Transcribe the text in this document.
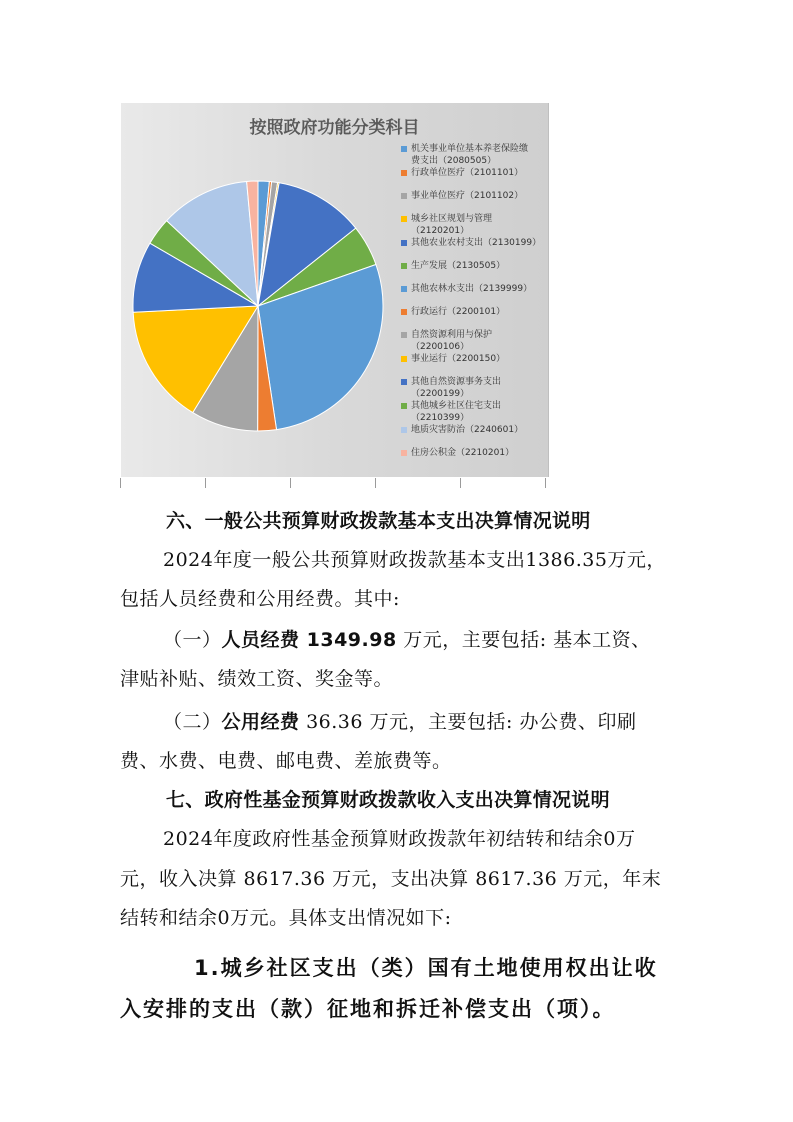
按照政府功能分类科目
机关事业单位基本养老保险缴
费支出（2080505）
行政单位医疗（2101101）
事业单位医疗（2101102）
城乡社区规划与管理
（2120201）
其他农业农村支出（2130199）
生产发展（2130505）
其他农林水支出（2139999）
行政运行（2200101）
自然资源利用与保护
（2200106）
事业运行（2200150）
其他自然资源事务支出
（2200199）
其他城乡社区住宅支出
（2210399）
地质灾害防治（2240601）
住房公积金（2210201）
六、一般公共预算财政拨款基本支出决算情况说明
2024年度一般公共预算财政拨款基本支出1386.35万元，
包括人员经费和公用经费。其中:
（一）人员经费 1349.98 万元，主要包括: 基本工资、
津贴补贴、绩效工资、奖金等。
（二）公用经费 36.36 万元，主要包括: 办公费、印刷
费、水费、电费、邮电费、差旅费等。
七、政府性基金预算财政拨款收入支出决算情况说明
2024年度政府性基金预算财政拨款年初结转和结余0万
元，收入决算 8617.36 万元，支出决算 8617.36 万元，年末
结转和结余0万元。具体支出情况如下:
1.城乡社区支出（类）国有土地使用权出让收
入安排的支出（款）征地和拆迁补偿支出（项）。
